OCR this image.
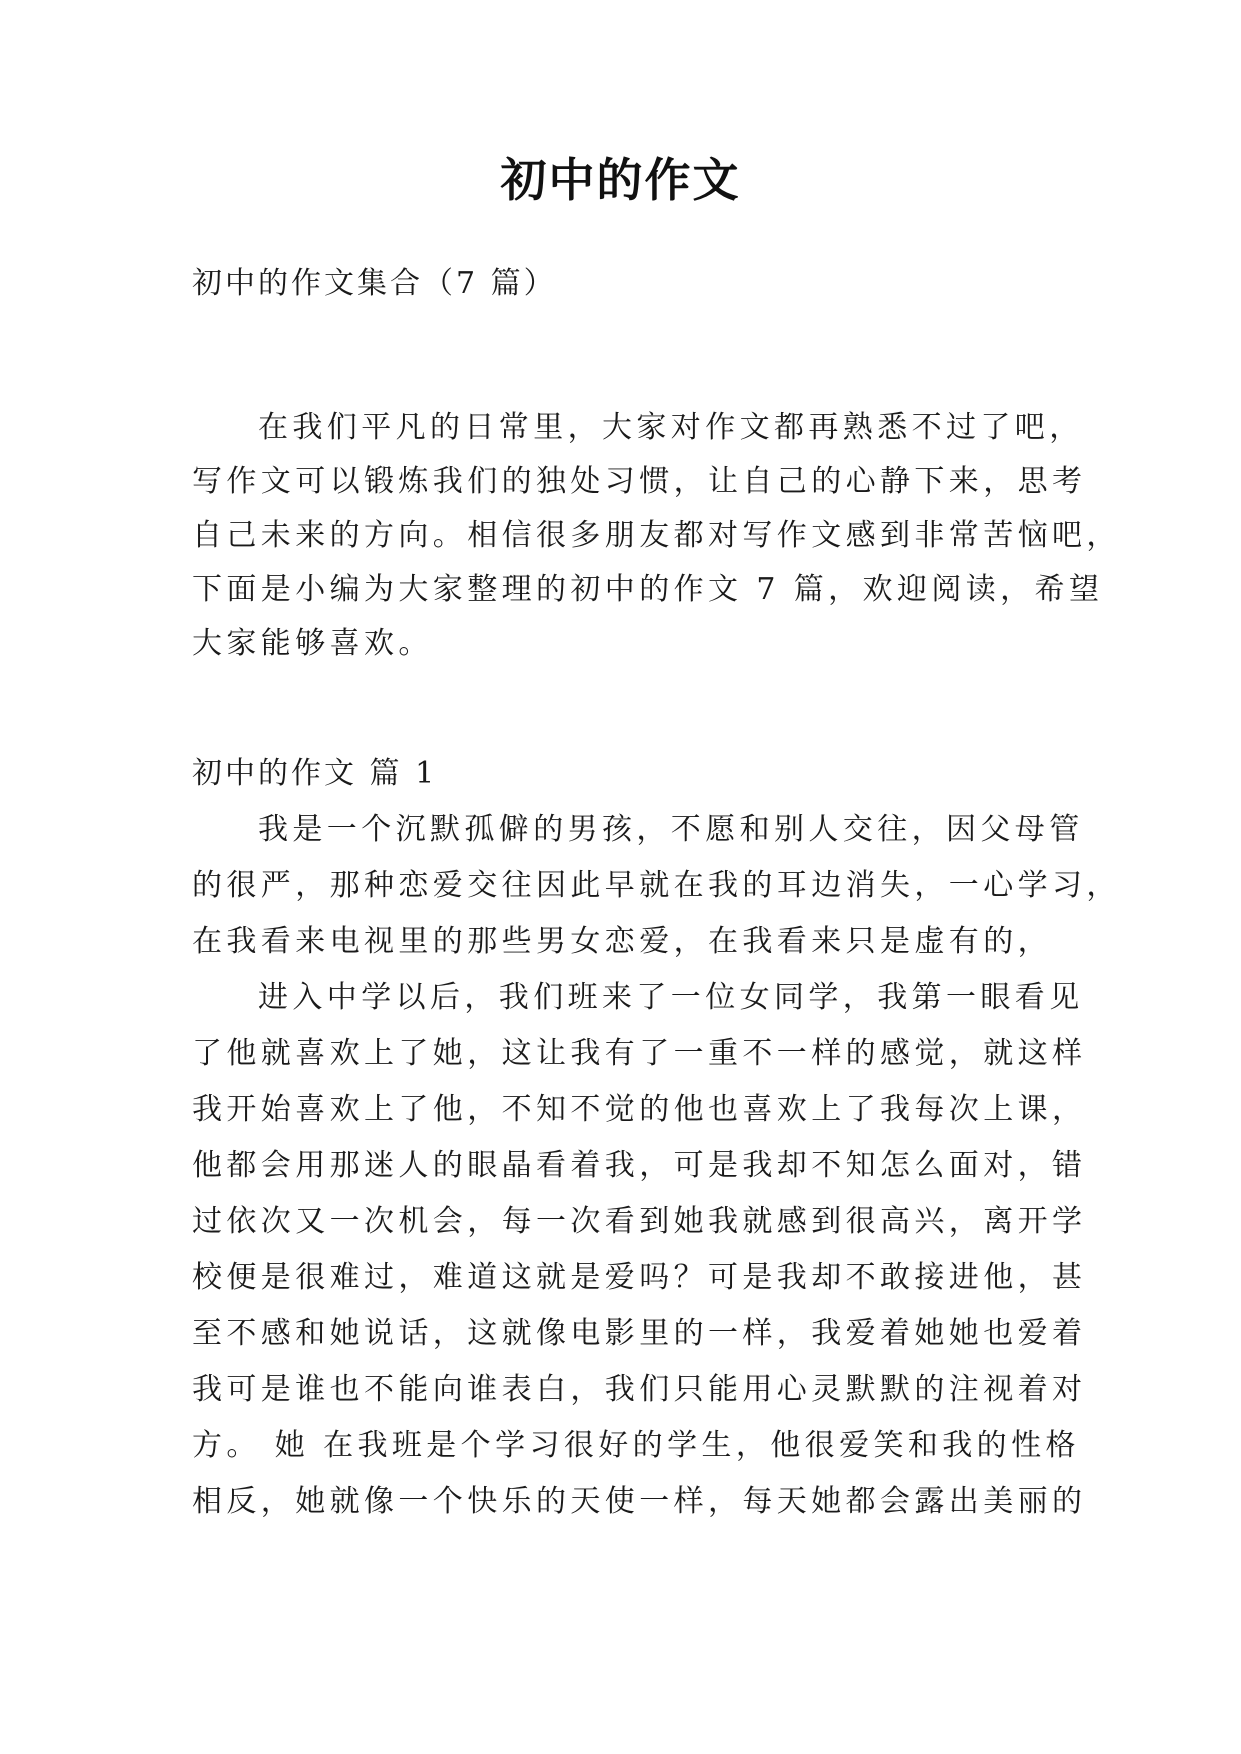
初中的作文
初中的作文集合（7 篇）
在我们平凡的日常里，大家对作文都再熟悉不过了吧，
写作文可以锻炼我们的独处习惯，让自己的心静下来，思考
自己未来的方向。相信很多朋友都对写作文感到非常苦恼吧，
下面是小编为大家整理的初中的作文 7 篇，欢迎阅读，希望
大家能够喜欢。
初中的作文 篇 1
我是一个沉默孤僻的男孩，不愿和别人交往，因父母管
的很严，那种恋爱交往因此早就在我的耳边消失，一心学习，
在我看来电视里的那些男女恋爱，在我看来只是虚有的，
进入中学以后，我们班来了一位女同学，我第一眼看见
了他就喜欢上了她，这让我有了一重不一样的感觉，就这样
我开始喜欢上了他，不知不觉的他也喜欢上了我每次上课，
他都会用那迷人的眼晶看着我，可是我却不知怎么面对，错
过依次又一次机会，每一次看到她我就感到很高兴，离开学
校便是很难过，难道这就是爱吗？可是我却不敢接进他，甚
至不感和她说话，这就像电影里的一样，我爱着她她也爱着
我可是谁也不能向谁表白，我们只能用心灵默默的注视着对
方。 她 在我班是个学习很好的学生，他很爱笑和我的性格
相反，她就像一个快乐的天使一样，每天她都会露出美丽的
